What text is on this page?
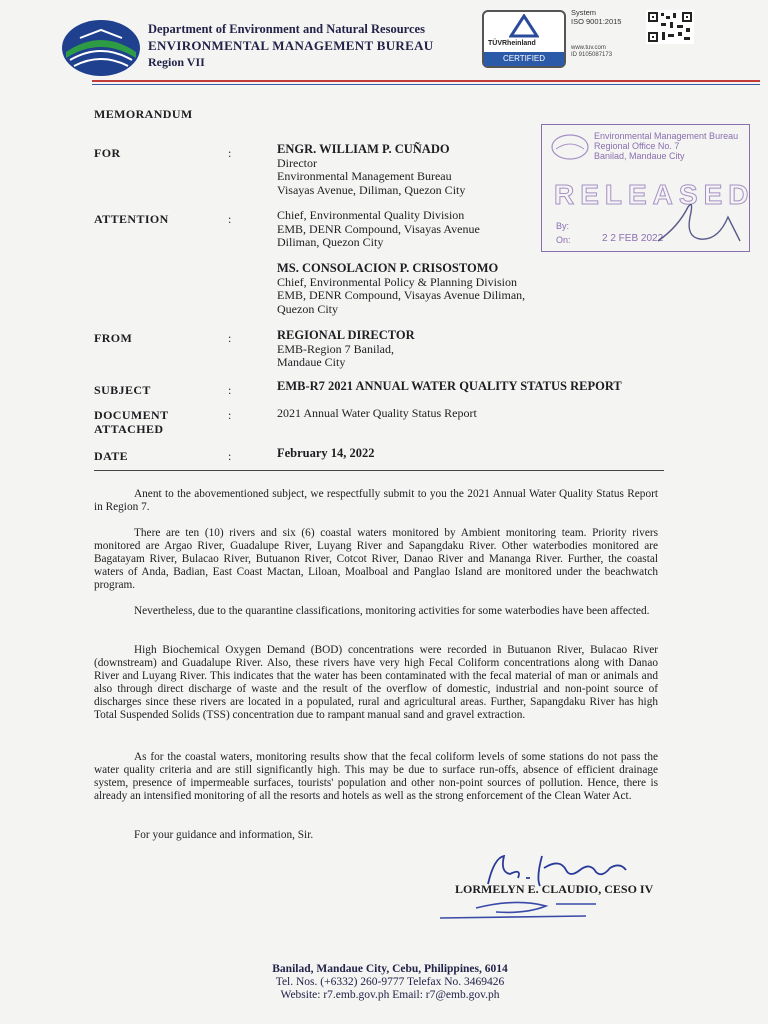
Department of Environment and Natural Resources
ENVIRONMENTAL MANAGEMENT BUREAU
Region VII
TÜVRheinland
CERTIFIED
System
ISO 9001:2015
www.tuv.com
ID 9105087173
Environmental Management Bureau
Regional Office No. 7
Banilad, Mandaue City
RELEASED
By:
On:	2 2 FEB 2022
MEMORANDUM
FOR	:	ENGR. WILLIAM P. CUÑADO
Director
Environmental Management Bureau
Visayas Avenue, Diliman, Quezon City
ATTENTION	:	Chief, Environmental Quality Division
EMB, DENR Compound, Visayas Avenue
Diliman, Quezon City
MS. CONSOLACION P. CRISOSTOMO
Chief, Environmental Policy & Planning Division
EMB, DENR Compound, Visayas Avenue Diliman,
Quezon City
FROM	:	REGIONAL DIRECTOR
EMB-Region 7 Banilad,
Mandaue City
SUBJECT	:	EMB-R7 2021 ANNUAL WATER QUALITY STATUS REPORT
DOCUMENT
ATTACHED
:	2021 Annual Water Quality Status Report
DATE	:	February 14, 2022

Anent to the abovementioned subject, we respectfully submit to you the 2021 Annual Water Quality Status Report in Region 7.

There are ten (10) rivers and six (6) coastal waters monitored by Ambient monitoring team. Priority rivers monitored are Argao River, Guadalupe River, Luyang River and Sapangdaku River. Other waterbodies monitored are Bagatayam River, Bulacao River, Butuanon River, Cotcot River, Danao River and Mananga River. Further, the coastal waters of Anda, Badian, East Coast Mactan, Liloan, Moalboal and Panglao Island are monitored under the beachwatch program.

Nevertheless, due to the quarantine classifications, monitoring activities for some waterbodies have been affected.

High Biochemical Oxygen Demand (BOD) concentrations were recorded in Butuanon River, Bulacao River (downstream) and Guadalupe River. Also, these rivers have very high Fecal Coliform concentrations along with Danao River and Luyang River. This indicates that the water has been contaminated with the fecal material of man or animals and also through direct discharge of waste and the result of the overflow of domestic, industrial and non-point source of discharges since these rivers are located in a populated, rural and agricultural areas. Further, Sapangdaku River has high Total Suspended Solids (TSS) concentration due to rampant manual sand and gravel extraction.

As for the coastal waters, monitoring results show that the fecal coliform levels of some stations do not pass the water quality criteria and are still significantly high. This may be due to surface run-offs, absence of efficient drainage system, presence of impermeable surfaces, tourists' population and other non-point sources of pollution. Hence, there is already an intensified monitoring of all the resorts and hotels as well as the strong enforcement of the Clean Water Act.

For your guidance and information, Sir.

LORMELYN E. CLAUDIO, CESO IV
Banilad, Mandaue City, Cebu, Philippines, 6014
Tel. Nos. (+6332) 260-9777 Telefax No. 3469426
Website: r7.emb.gov.ph Email: r7@emb.gov.ph
